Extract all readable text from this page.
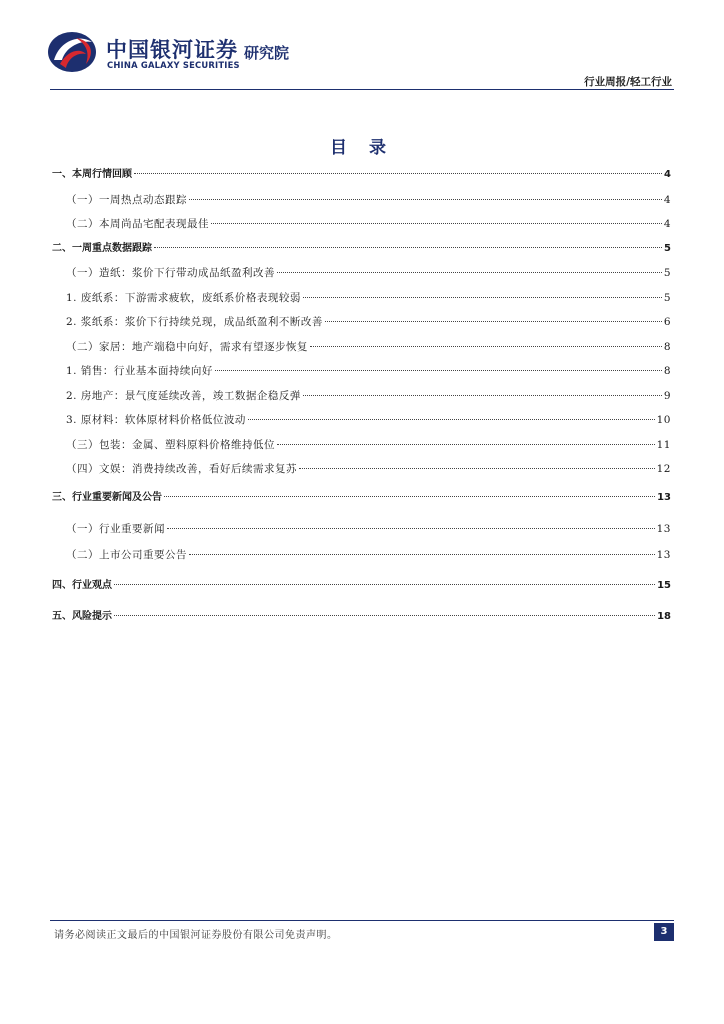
中国银河证券
CHINA GALAXY SECURITIES
研究院
行业周报/轻工行业
目 录
一、本周行情回顾	4
（一）一周热点动态跟踪	4
（二）本周尚品宅配表现最佳	4
二、一周重点数据跟踪	5
（一）造纸：浆价下行带动成品纸盈利改善	5
1. 废纸系：下游需求疲软，废纸系价格表现较弱	5
2. 浆纸系：浆价下行持续兑现，成品纸盈利不断改善	6
（二）家居：地产端稳中向好，需求有望逐步恢复	8
1. 销售：行业基本面持续向好	8
2. 房地产：景气度延续改善，竣工数据企稳反弹	9
3. 原材料：软体原材料价格低位波动	10
（三）包装：金属、塑料原料价格维持低位	11
（四）文娱：消费持续改善，看好后续需求复苏	12
三、行业重要新闻及公告	13
（一）行业重要新闻	13
（二）上市公司重要公告	13
四、行业观点	15
五、风险提示	18
请务必阅读正文最后的中国银河证券股份有限公司免责声明。	3
